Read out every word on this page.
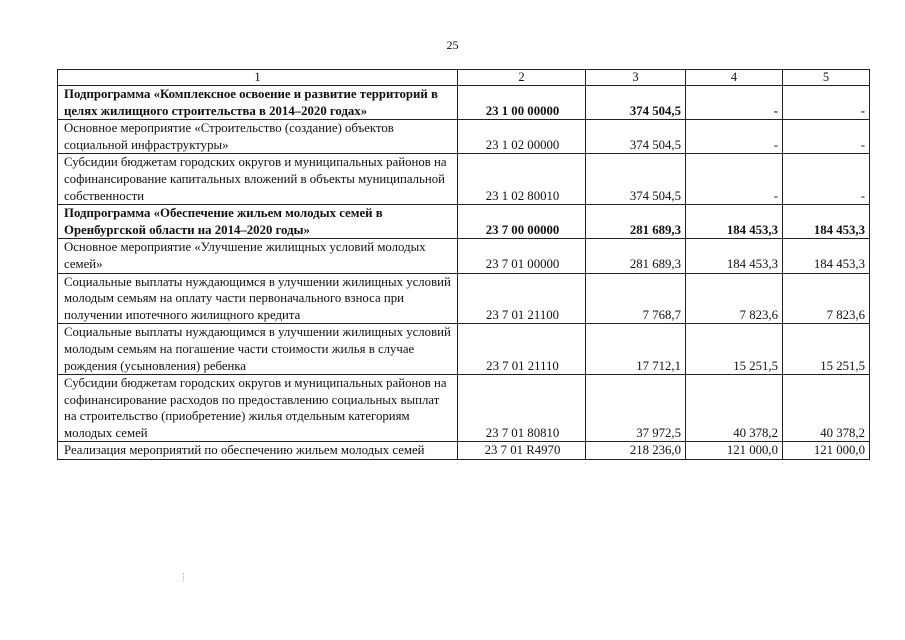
25
1	2	3	4	5
Подпрограмма «Комплексное освоение и развитие территорий в целях жилищного строительства в 2014–2020 годах»	23 1 00 00000	374 504,5	-	-
Основное мероприятие «Строительство (создание) объектов социальной инфраструктуры»	23 1 02 00000	374 504,5	-	-
Субсидии бюджетам городских округов и муниципальных районов на софинансирование капитальных вложений в объекты муниципальной собственности	23 1 02 80010	374 504,5	-	-
Подпрограмма «Обеспечение жильем молодых семей в Оренбургской области на 2014–2020 годы»	23 7 00 00000	281 689,3	184 453,3	184 453,3
Основное мероприятие «Улучшение жилищных условий молодых семей»	23 7 01 00000	281 689,3	184 453,3	184 453,3
Социальные выплаты нуждающимся в улучшении жилищных условий молодым семьям на оплату части первоначального взноса при получении ипотечного жилищного кредита	23 7 01 21100	7 768,7	7 823,6	7 823,6
Социальные выплаты нуждающимся в улучшении жилищных условий молодым семьям на погашение части стоимости жилья в случае рождения (усыновления) ребенка	23 7 01 21110	17 712,1	15 251,5	15 251,5
Субсидии бюджетам городских округов и муниципальных районов на софинансирование расходов по предоставлению социальных выплат на строительство (приобретение) жилья отдельным категориям молодых семей	23 7 01 80810	37 972,5	40 378,2	40 378,2
Реализация мероприятий по обеспечению жильем молодых семей	23 7 01 R4970	218 236,0	121 000,0	121 000,0
